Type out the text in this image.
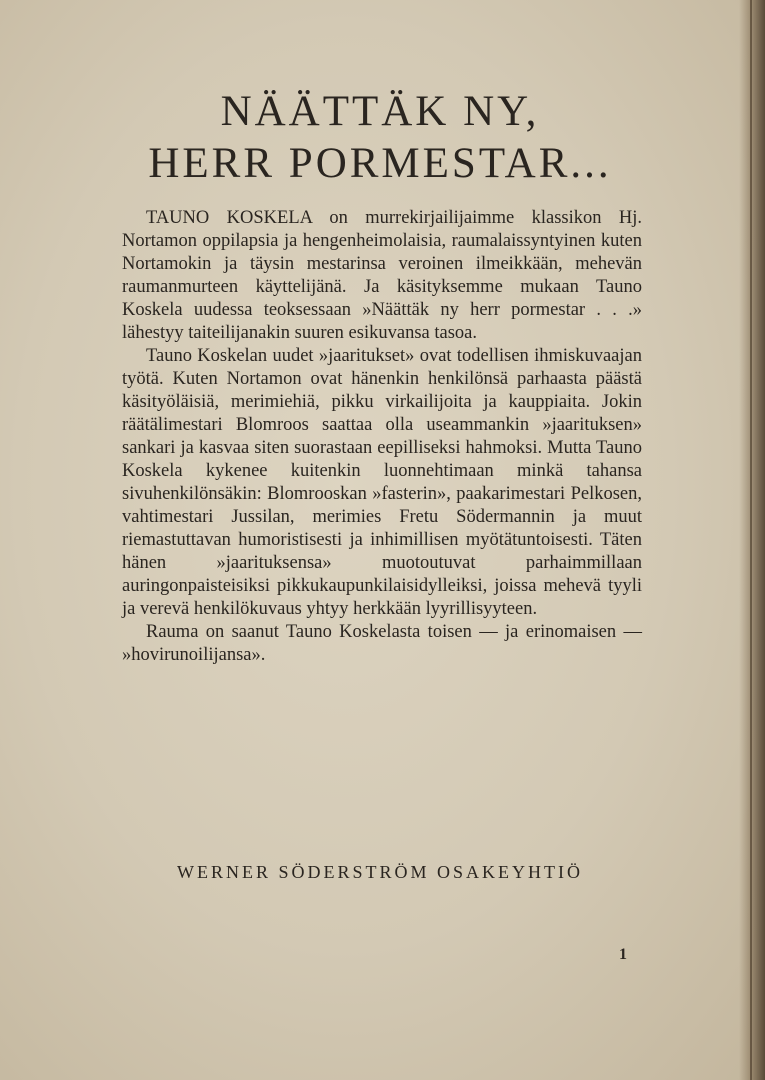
NÄÄTTÄK NY,
HERR PORMESTAR...

TAUNO KOSKELA on murrekirjailijaimme klassikon Hj. Nortamon oppilapsia ja hengenheimolaisia, raumalaissyntyinen kuten Nortamokin ja täysin mestarinsa veroinen ilmeikkään, mehevän raumanmurteen käyttelijänä. Ja käsityksemme mukaan Tauno Koskela uudessa teoksessaan »Näättäk ny herr pormestar . . .» lähestyy taiteilijanakin suuren esikuvansa tasoa.

Tauno Koskelan uudet »jaaritukset» ovat todellisen ihmiskuvaajan työtä. Kuten Nortamon ovat hänenkin henkilönsä parhaasta päästä käsityöläisiä, merimiehiä, pikku virkailijoita ja kauppiaita. Jokin räätälimestari Blomroos saattaa olla useammankin »jaarituksen» sankari ja kasvaa siten suorastaan eepilliseksi hahmoksi. Mutta Tauno Koskela kykenee kuitenkin luonnehtimaan minkä tahansa sivuhenkilönsäkin: Blomrooskan »fasterin», paakarimestari Pelkosen, vahtimestari Jussilan, merimies Fretu Södermannin ja muut riemastuttavan humoristisesti ja inhimillisen myötätuntoisesti. Täten hänen »jaarituksensa» muotoutuvat parhaimmillaan auringonpaisteisiksi pikkukaupunkilaisidylleiksi, joissa mehevä tyyli ja verevä henkilökuvaus yhtyy herkkään lyyrillisyyteen.

Rauma on saanut Tauno Koskelasta toisen — ja erinomaisen — »hovirunoilijansa».

WERNER SÖDERSTRÖM OSAKEYHTIÖ
1
